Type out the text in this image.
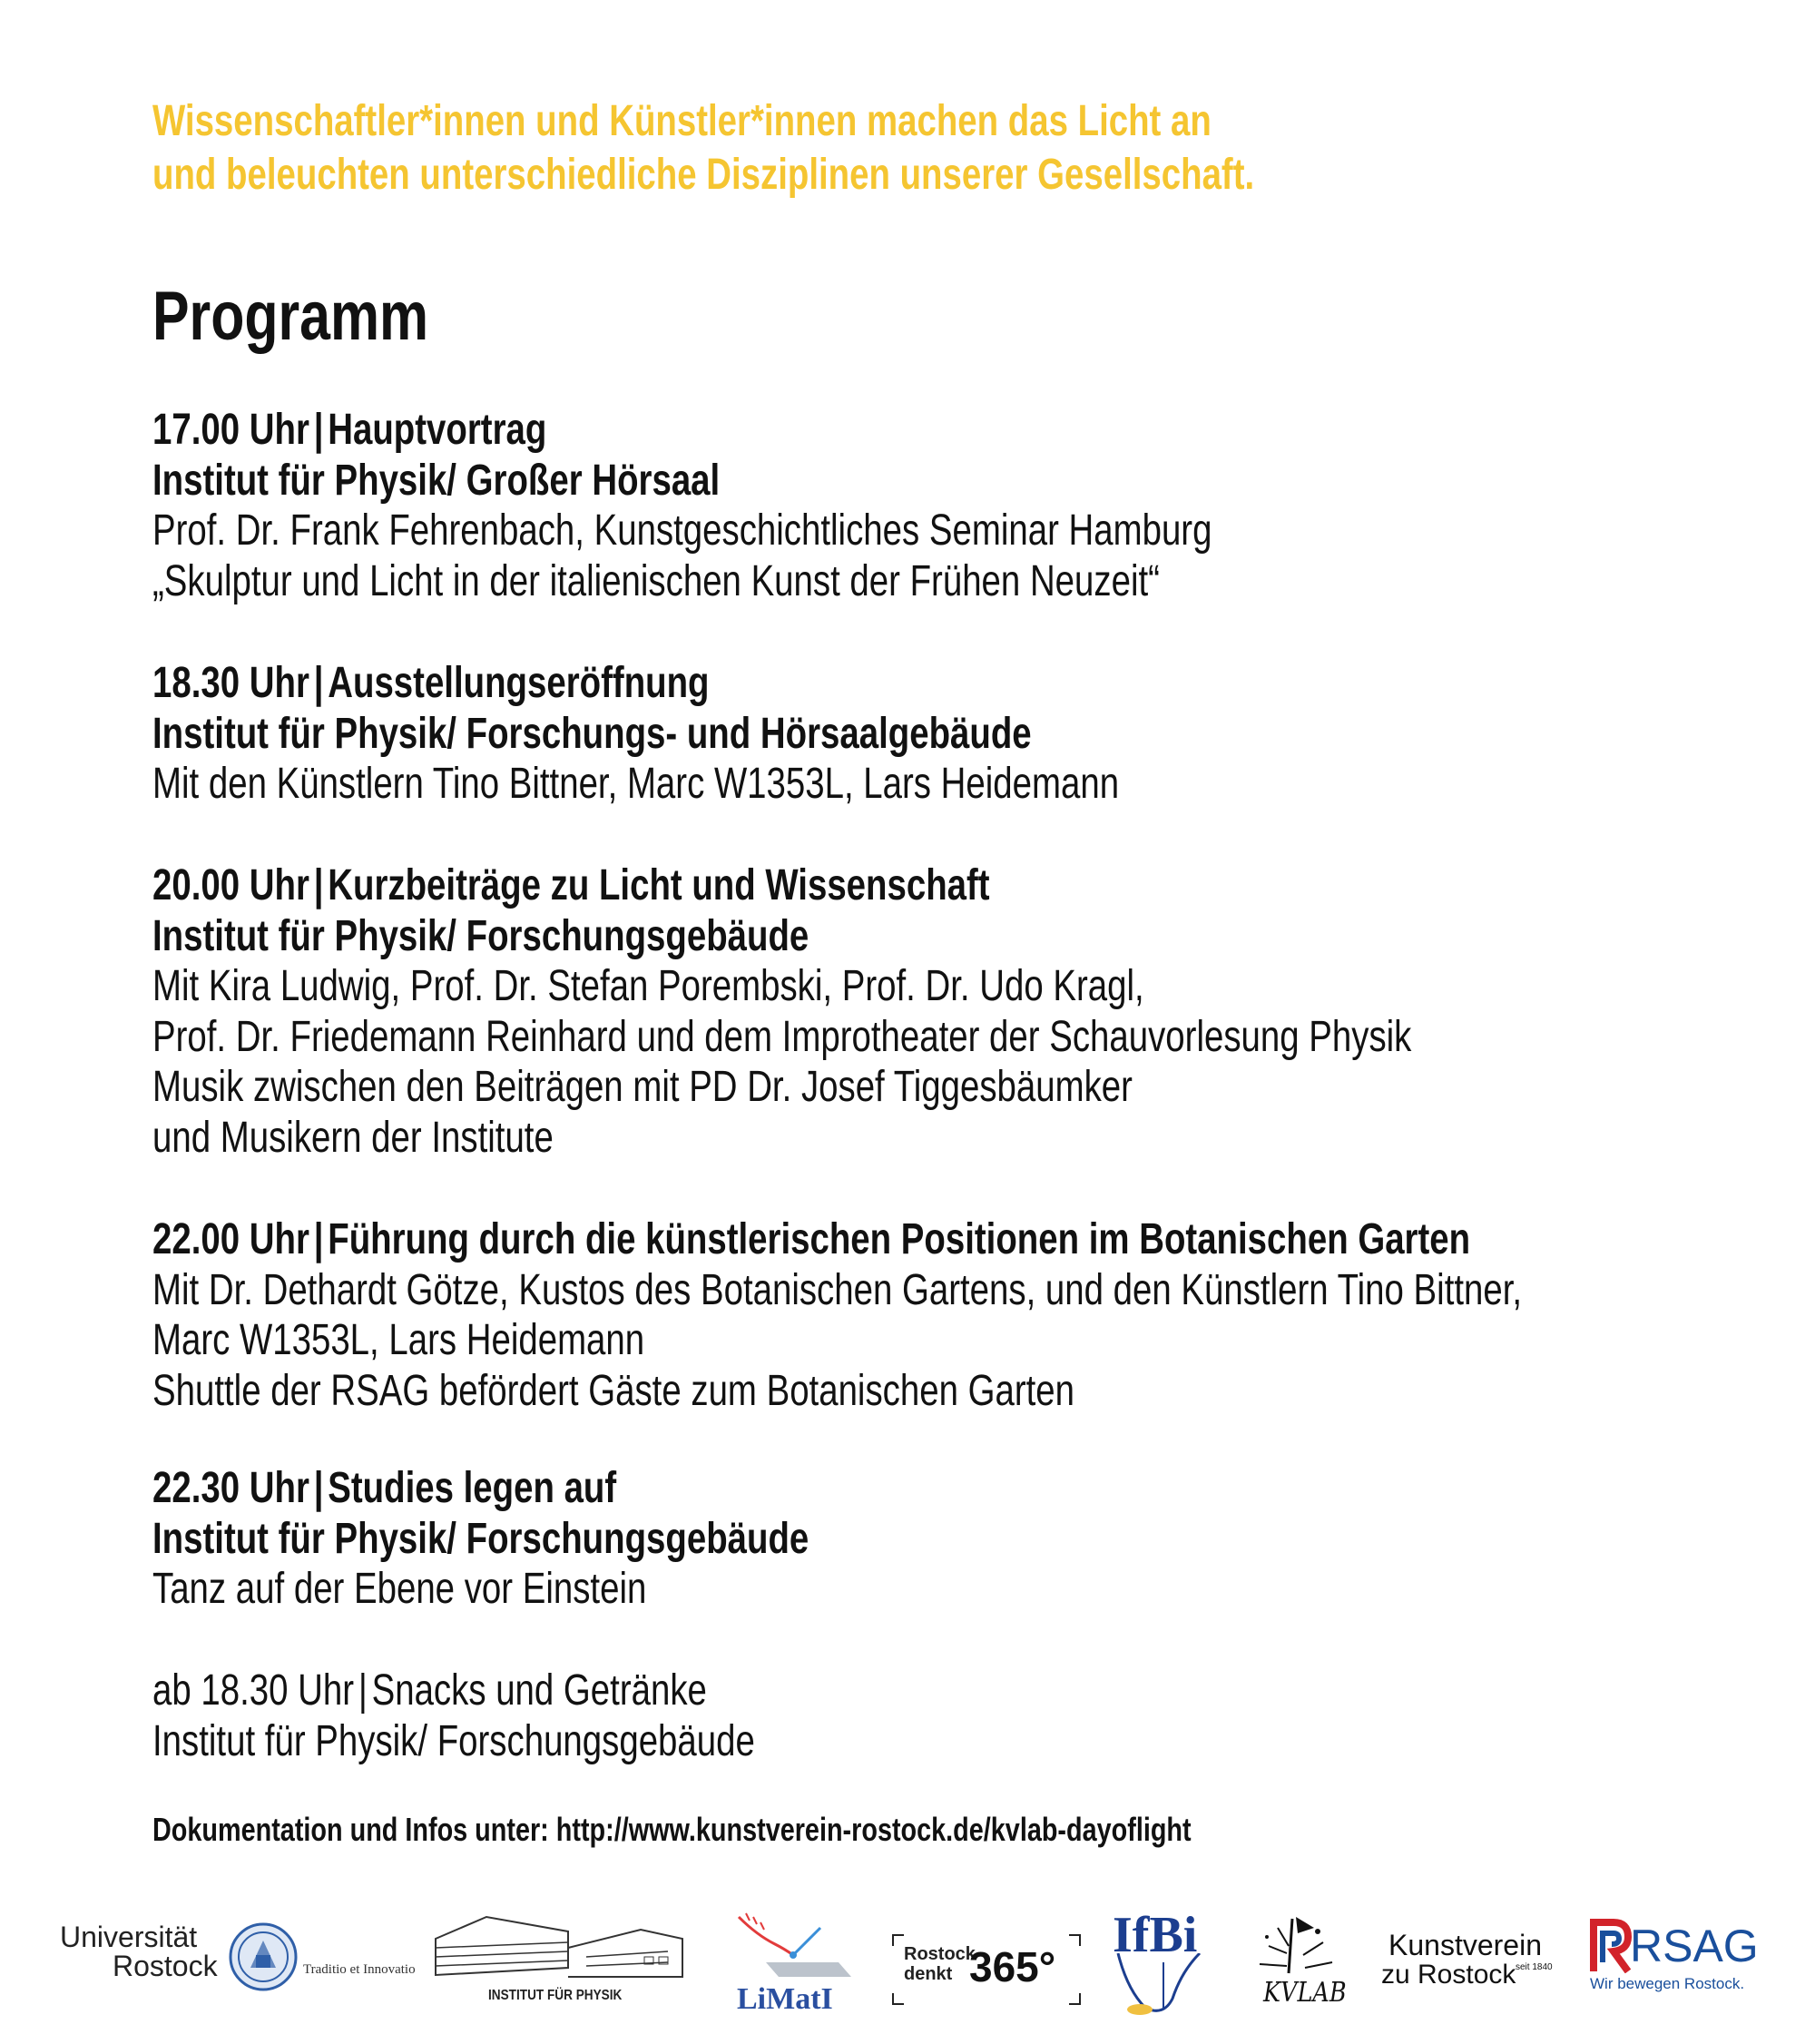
Wissenschaftler*innen und Künstler*innen machen das Licht an
und beleuchten unterschiedliche Disziplinen unserer Gesellschaft.
Programm
17.00 Uhr|Hauptvortrag
Institut für Physik/ Großer Hörsaal
Prof. Dr. Frank Fehrenbach, Kunstgeschichtliches Seminar Hamburg
„Skulptur und Licht in der italienischen Kunst der Frühen Neuzeit“
18.30 Uhr|Ausstellungseröffnung
Institut für Physik/ Forschungs- und Hörsaalgebäude
Mit den Künstlern Tino Bittner, Marc W1353L, Lars Heidemann
20.00 Uhr|Kurzbeiträge zu Licht und Wissenschaft
Institut für Physik/ Forschungsgebäude
Mit Kira Ludwig, Prof. Dr. Stefan Porembski, Prof. Dr. Udo Kragl,
Prof. Dr. Friedemann Reinhard und dem Improtheater der Schauvorlesung Physik
Musik zwischen den Beiträgen mit PD Dr. Josef Tiggesbäumker
und Musikern der Institute
22.00 Uhr|Führung durch die künstlerischen Positionen im Botanischen Garten
Mit Dr. Dethardt Götze, Kustos des Botanischen Gartens, und den Künstlern Tino Bittner,
Marc W1353L, Lars Heidemann
Shuttle der RSAG befördert Gäste zum Botanischen Garten
22.30 Uhr|Studies legen auf
Institut für Physik/ Forschungsgebäude
Tanz auf der Ebene vor Einstein
ab 18.30 Uhr| Snacks und Getränke
Institut für Physik/ Forschungsgebäude
Dokumentation und Infos unter: http://www.kunstverein-rostock.de/kvlab-dayoflight
Universität
Rostock	Traditio et Innovatio
INSTITUT FÜR PHYSIK	LiMatI
Rostock
denkt 365°
IfBi
KVLAB
Kunstverein
zu Rostock seit 1840 RSAG
Wir bewegen Rostock.
